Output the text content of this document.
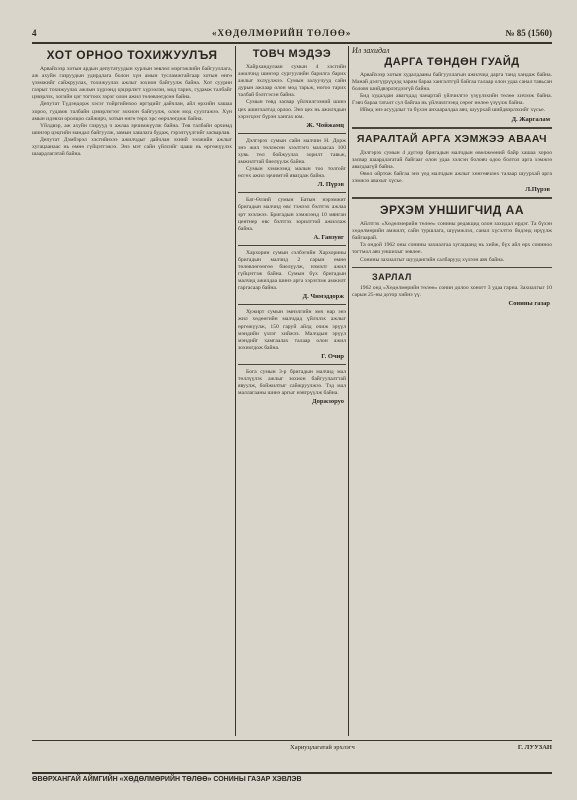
4	«ХӨДӨЛМӨРИЙН ТӨЛӨӨ»	№ 85 (1560)
ХОТ ОРНОО ТОХИЖУУЛЪЯ

Арвайхээр хотын ардын депутатуудын хурлын зөвлөл мэргэжлийн байгууллага, аж ахуйн газруудын удирдлага болон хүн амын тусламжтайгаар хотын өнгө үзэмжийг сайжруулах, тохижуулах ажлыг зохион байгуулж байна. Хот суурин газрыг тохижуулах ажлын хүрээнд цэцэрлэгт хүрээлэн, мод тарих, гудамж талбайг цэвэрлэх, хогийн цэг тогтоох зэрэг олон ажил төлөвлөгдсөн байна.

Депутат Түдэндорж хэсэг тойргийнхоо иргэдийг дайчлан, айл өрхийн хашаа хороо, гудамж талбайн цэвэрлэгээг зохион байгуулж, олон мод суулгажээ. Хүн амын идэвхи оролцоо сайжирч, хотын өнгө төрх эрс өөрчлөгдөж байна.

Үйлдвэр, аж ахуйн газрууд ч ажлаа эрчимжүүлж байна. Төв талбайн орчимд шинээр цэцгийн мандал байгуулж, замын хашлага будаж, гэрэлтүүлгийг засварлав.

Депутат Дэмбэрэл хэсгийнхээ ажилчдыг дайчлан эхний ээлжийн ажлыг хугацаанаас нь өмнө гүйцэтгэжээ. Энэ мэт сайн үйлсийг цааш нь өргөжүүлэх шаардлагатай байна.

ТОВЧ МЭДЭЭ

Хайрхандулаан сумын 4 хэсгийн ажилчид шинээр сургуулийн барилга барих ажлыг эхлүүлжээ. Сумын залуучууд сайн дурын ажлаар олон мод тарьж, ногоо тарих талбай бэлтгэсэн байна.

Сумын төвд засвар үйлчилгээний шинэ цех ашиглалтад орлоо. Энэ цех нь ажилчдын хэрэгцээг бүрэн хангах юм.

Ж. Чойжамц

Дэлгэрэх сумын сайн малчин Н. Дорж энэ жил төллөсөн хээлтэгч малаасаа 100 хувь төл бойжуулах зорилт тавьж, амжилттай биелүүлж байна.

Сумын хэмжээнд малын тоо толгойг өсгөх ажил эрчимтэй явагдаж байна.

Л. Пүрэв

Бат-Өлзий сумын Батын нэрэмжит бригадын малчид өвс тэжээл бэлтгэх ажлаа эрт эхэлжээ. Бригадын хэмжээнд 10 мянган центнер өвс бэлтгэх зорилттой ажиллаж байна.

А. Ганзуяг

Хархорин сумын сэлбэгийн Хархорины бригадын малчид 2 сарын өмнө төлөвлөгөөгөө биелүүлж, нэмэлт ажил гүйцэтгэж байна. Сумын бүх бригадын малчид ажилдаа шинэ арга хэрэглэж амжилт гаргасаар байна.

Д. Чимэддорж

Хужирт сумын эмнэлгийн эмч нар энэ жил хөдөөгийн малчдад үйлчлэх ажлыг өргөжүүлж, 150 гаруй айлд очиж эрүүл мэндийн үзлэг хийжээ. Малчдын эрүүл мэндийг хамгаалах талаар олон ажил зохиогдож байна.

Г. Очир

Бога сумын 3-р бригадын малчид мал төллүүлэх ажлыг зохион байгуулалттай явуулж, бойжилтыг сайжруулжээ. Тэд мал маллагааны шинэ аргыг нэвтрүүлж байна.

Доржзоруо
Ил захидал
ДАРГА ТӨНДӨН ГУАЙД

Арвайхээр хотын худалдааны байгууллагын ажилчид дарга танд хандаж байна. Манай дэлгүүрүүдэд зарим бараа хангалтгүй байгаа талаар олон удаа санал тавьсан боловч шийдвэрлэгдээгүй байна.

Бид худалдан авагчдад чанартай үйлчилгээ үзүүлэхийн төлөө хичээж байна. Гэвч бараа таталт сул байгаа нь үйлчилгээнд сөрөг нөлөө үзүүлж байна.

Иймд энэ асуудлыг та бүхэн анхааралдаа авч, шуурхай шийдвэрлэхийг хүсье.

Д. Жаргалам
ЯАРАЛТАЙ АРГА ХЭМЖЭЭ АВААЧ

Дэлгэрэх сумын 4 дүгээр бригадын малчдын өвөлжөөний байр хашаа хороо засвар шаардлагатай байгааг олон удаа хэлсэн боловч одоо болтол арга хэмжээ авагдаагүй байна.

Өвөл ойртож байгаа энэ үед малчдын ажлыг хөнгөвчлөх талаар шуурхай арга хэмжээ авахыг хүсье.

Л.Пүрэв
ЭРХЭМ УНШИГЧИД АА

Айлтгэх «Хөдөлмөрийн төлөө» сонины редакцид олон захидал ирдэг. Та бүхэн хөдөлмөрийн амжилт, сайн туршлага, шүүмжлэл, санал хүсэлтээ бидэнд ирүүлж байгаарай.

Та ондой 1962 оны сонины захиалгаа хугацаанд нь хийж, бүх айл өрх сониноо тогтмол авч уншихыг зөвлөе.

Сонины захиалгыг шуудангийн салбарууд хүлээн авч байна.

ЗАРЛАЛ

1962 онд «Хөдөлмөрийн төлөө» сонин долоо хоногт 3 удаа гарна. Захиалгыг 10 сарын 25-ны дотор хийнэ үү.

Сонины газар
Хариуцлагатай эрхлэгч	Г. ЛУУЗАН
ӨВӨРХАНГАЙ АЙМГИЙН «ХӨДӨЛМӨРИЙН ТӨЛӨӨ» СОНИНЫ ГАЗАР ХЭВЛЭВ
